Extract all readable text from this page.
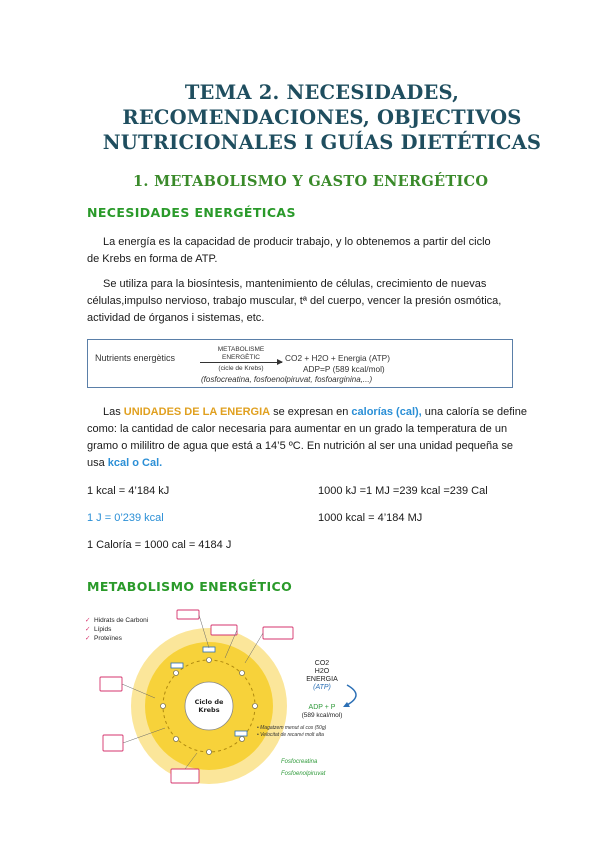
TEMA 2. NECESIDADES,
RECOMENDACIONES, OBJECTIVOS
NUTRICIONALES I GUÍAS DIETÉTICAS
1. METABOLISMO Y GASTO ENERGÉTICO
NECESIDADES ENERGÉTICAS
La energía es la capacidad de producir trabajo, y lo obtenemos a partir del ciclo
de Krebs en forma de ATP.
Se utiliza para la biosíntesis, mantenimiento de células, crecimiento de nuevas
células,impulso nervioso, trabajo muscular, tª del cuerpo, vencer la presión osmótica,
actividad de órganos i sistemas, etc.
Nutrients energètics
METABOLISME
ENERGÈTIC
(cicle de Krebs)
CO2 + H2O + Energia (ATP)
ADP=P (589 kcal/mol)
(fosfocreatina, fosfoenolpiruvat, fosfoarginina,...)
Las UNIDADES DE LA ENERGIA se expresan en calorías (cal), una caloría se define
como: la cantidad de calor necesaria para aumentar en un grado la temperatura de un
gramo o mililitro de agua que está a 14’5 ºC. En nutrición al ser una unidad pequeña se
usa kcal o Cal.
1 kcal = 4’184 kJ	1000 kJ =1 MJ =239 kcal =239 Cal
1 J = 0’239 kcal	1000 kcal = 4’184 MJ
1 Caloría = 1000 cal = 4184 J
METABOLISMO ENERGÉTICO
✓ Hidrats de Carboni
✓ Lípids
✓ Proteïnes
Ciclo de
Krebs
CO2
H2O
ENERGIA
(ATP)
ADP + P
(589 kcal/mol)
• Magatzem menut al cos (50g)
• Velocitat de recanvi molt alta
Fosfocreatina
Fosfoenolpiruvat
